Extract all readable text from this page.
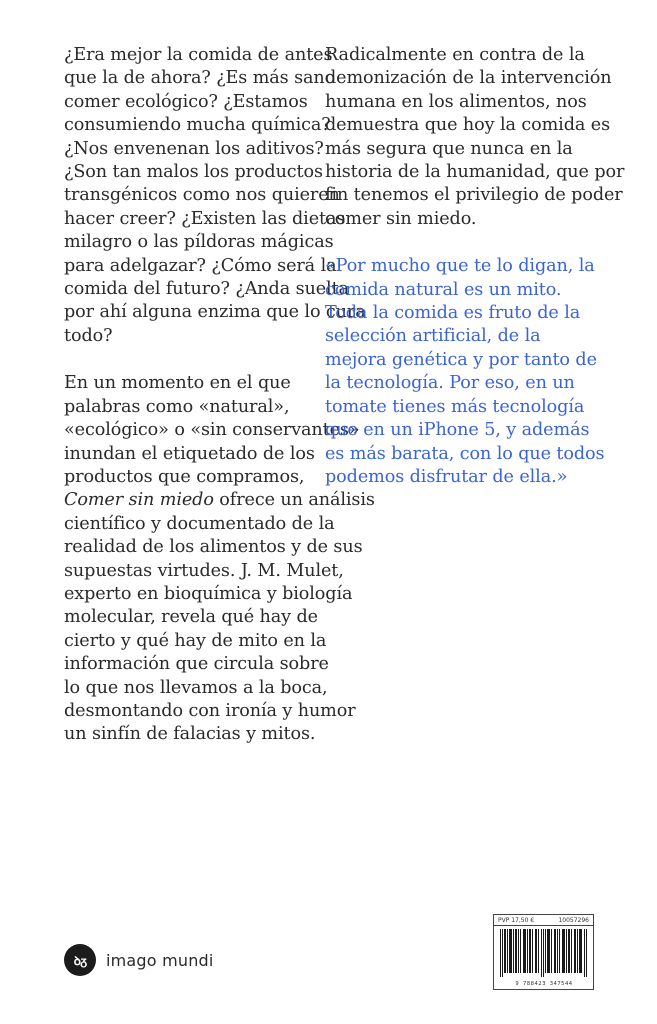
¿Era mejor la comida de antes
que la de ahora? ¿Es más sano
comer ecológico? ¿Estamos
consumiendo mucha química?
¿Nos envenenan los aditivos?
¿Son tan malos los productos
transgénicos como nos quieren
hacer creer? ¿Existen las dietas
milagro o las píldoras mágicas
para adelgazar? ¿Cómo será la
comida del futuro? ¿Anda suelta
por ahí alguna enzima que lo cura
todo?
En un momento en el que
palabras como «natural»,
«ecológico» o «sin conservantes»
inundan el etiquetado de los
productos que compramos,
Comer sin miedo ofrece un análisis
científico y documentado de la
realidad de los alimentos y de sus
supuestas virtudes. J. M. Mulet,
experto en bioquímica y biología
molecular, revela qué hay de
cierto y qué hay de mito en la
información que circula sobre
lo que nos llevamos a la boca,
desmontando con ironía y humor
un sinfín de falacias y mitos.
Radicalmente en contra de la
demonización de la intervención
humana en los alimentos, nos
demuestra que hoy la comida es
más segura que nunca en la
historia de la humanidad, que por
fin tenemos el privilegio de poder
comer sin miedo.
«Por mucho que te lo digan, la
comida natural es un mito.
Toda la comida es fruto de la
selección artificial, de la
mejora genética y por tanto de
la tecnología. Por eso, en un
tomate tienes más tecnología
que en un iPhone 5, y además
es más barata, con lo que todos
podemos disfrutar de ella.»
ꝺᵹ	imago mundi
PVP 17,50 €	10057296
9 788423 347544
